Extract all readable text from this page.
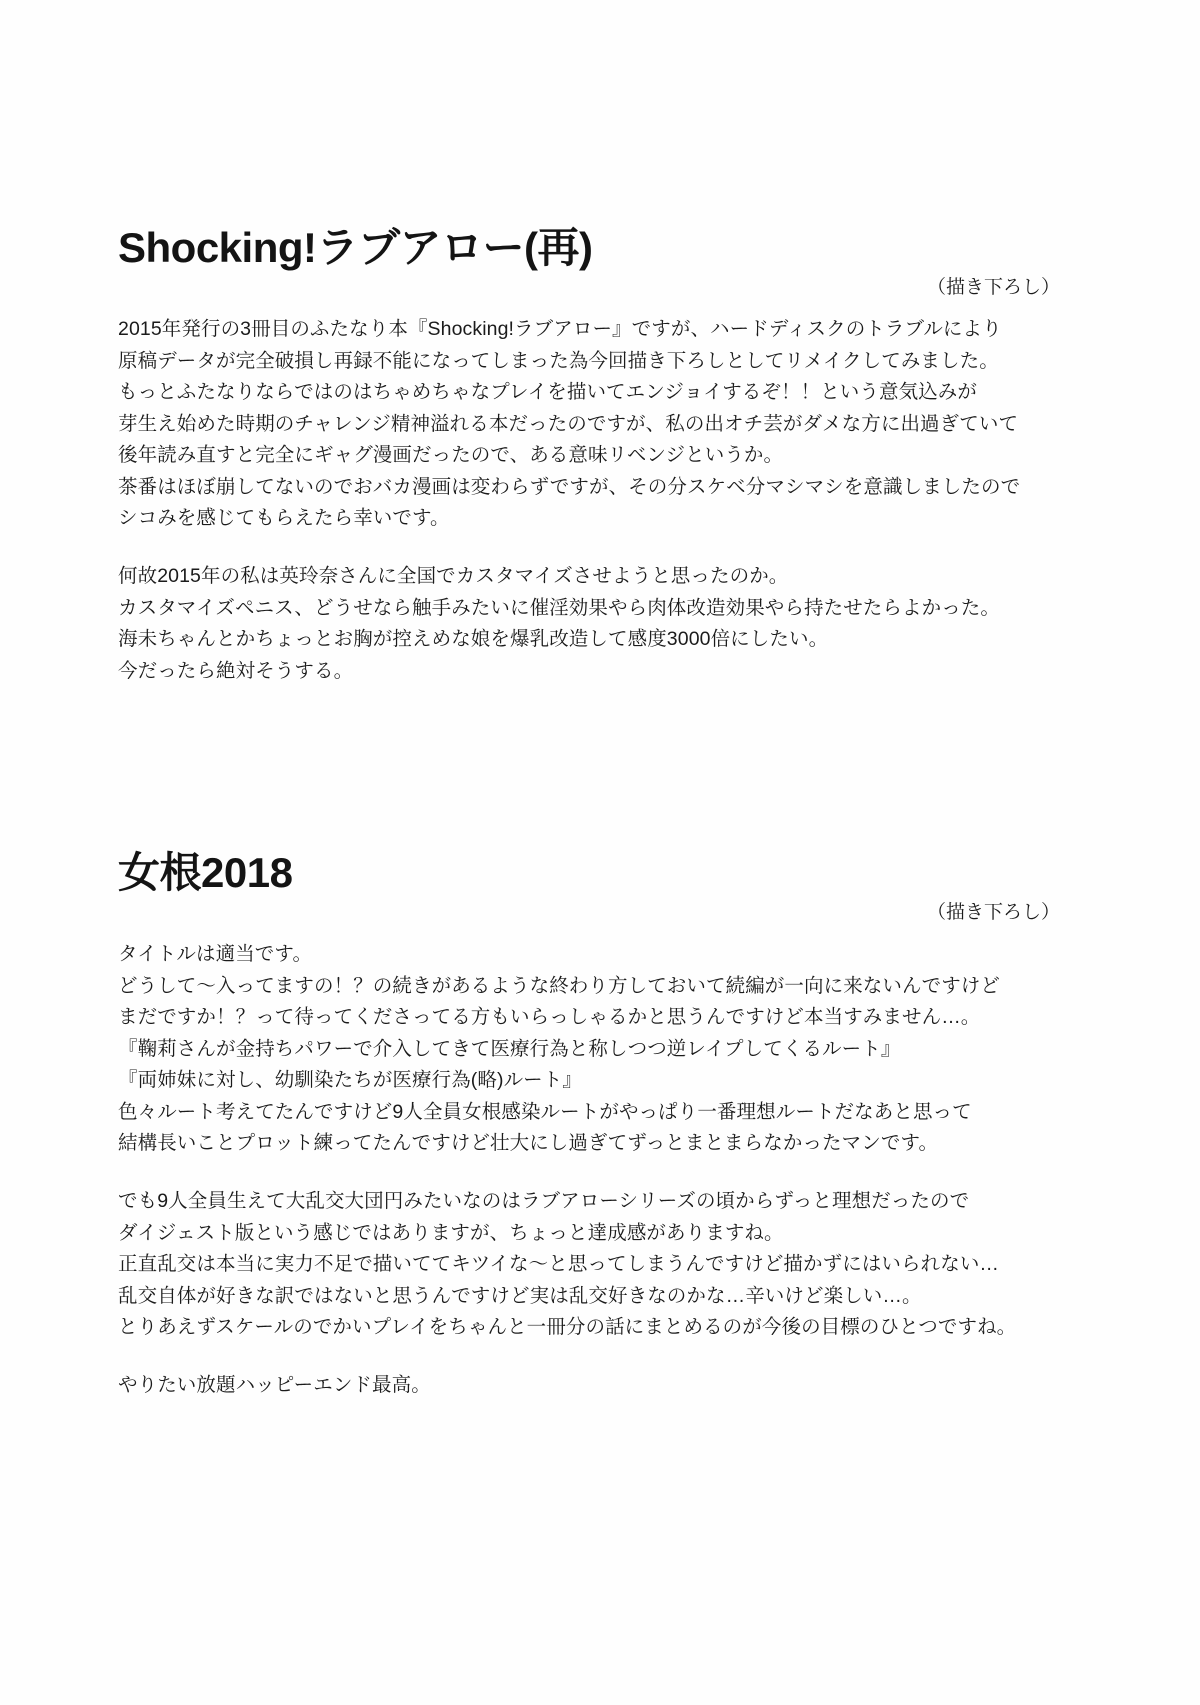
Shocking!ラブアロー(再)
（描き下ろし）

2015年発行の3冊目のふたなり本『Shocking!ラブアロー』ですが、ハードディスクのトラブルにより
原稿データが完全破損し再録不能になってしまった為今回描き下ろしとしてリメイクしてみました。
もっとふたなりならではのはちゃめちゃなプレイを描いてエンジョイするぞ！！という意気込みが
芽生え始めた時期のチャレンジ精神溢れる本だったのですが、私の出オチ芸がダメな方に出過ぎていて
後年読み直すと完全にギャグ漫画だったので、ある意味リベンジというか。
茶番はほぼ崩してないのでおバカ漫画は変わらずですが、その分スケベ分マシマシを意識しましたので
シコみを感じてもらえたら幸いです。

何故2015年の私は英玲奈さんに全国でカスタマイズさせようと思ったのか。
カスタマイズペニス、どうせなら触手みたいに催淫効果やら肉体改造効果やら持たせたらよかった。
海未ちゃんとかちょっとお胸が控えめな娘を爆乳改造して感度3000倍にしたい。
今だったら絶対そうする。

女根2018
（描き下ろし）

タイトルは適当です。
どうして〜入ってますの！？の続きがあるような終わり方しておいて続編が一向に来ないんですけど
まだですか！？って待ってくださってる方もいらっしゃるかと思うんですけど本当すみません…。
『鞠莉さんが金持ちパワーで介入してきて医療行為と称しつつ逆レイプしてくるルート』
『両姉妹に対し、幼馴染たちが医療行為(略)ルート』
色々ルート考えてたんですけど9人全員女根感染ルートがやっぱり一番理想ルートだなあと思って
結構長いことプロット練ってたんですけど壮大にし過ぎてずっとまとまらなかったマンです。

でも9人全員生えて大乱交大団円みたいなのはラブアローシリーズの頃からずっと理想だったので
ダイジェスト版という感じではありますが、ちょっと達成感がありますね。
正直乱交は本当に実力不足で描いててキツイな〜と思ってしまうんですけど描かずにはいられない…
乱交自体が好きな訳ではないと思うんですけど実は乱交好きなのかな…辛いけど楽しい…。
とりあえずスケールのでかいプレイをちゃんと一冊分の話にまとめるのが今後の目標のひとつですね。

やりたい放題ハッピーエンド最高。
